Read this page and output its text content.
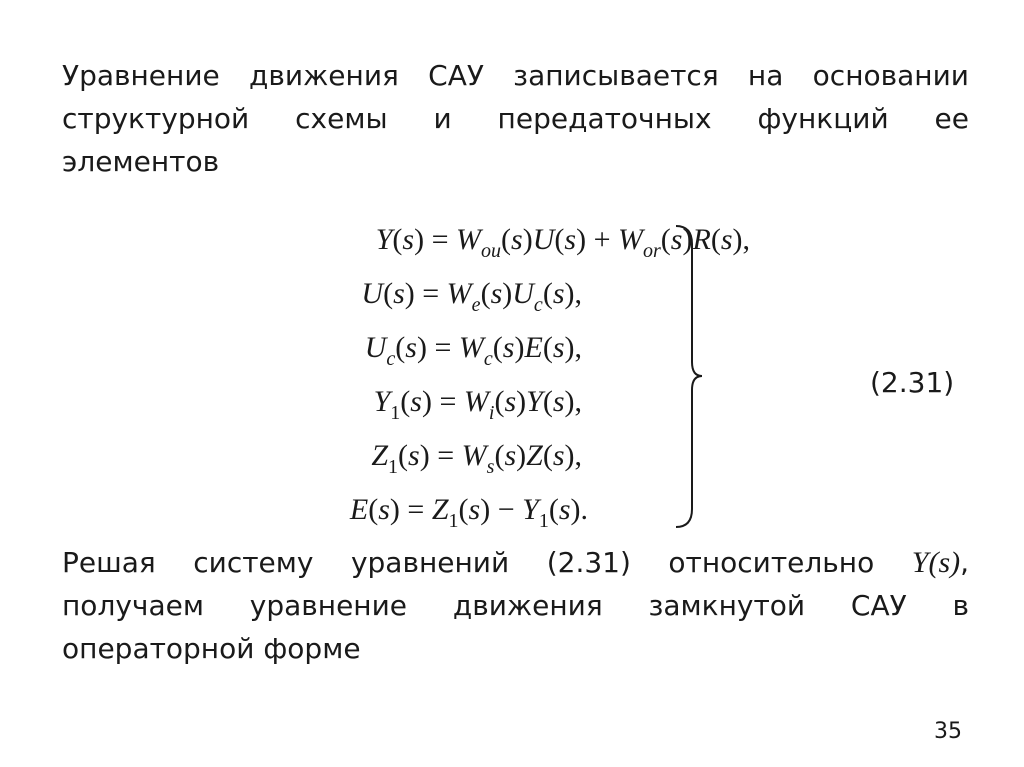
Уравнение движения САУ записывается на основании
структурной схемы и передаточных функций ее
элементов
$Y(s) = W_{ou}(s)U(s) + W_{or}(s)R(s)$,
$U(s) = W_e(s)U_c(s)$,
$U_c(s) = W_c(s)E(s)$,
$Y_1(s) = W_i(s)Y(s)$,
$Z_1(s) = W_s(s)Z(s)$,
$E(s) = Z_1(s) - Y_1(s)$.
(2.31)
Решая систему уравнений (2.31) относительно Y(s),
получаем уравнение движения замкнутой САУ в
операторной форме
35
